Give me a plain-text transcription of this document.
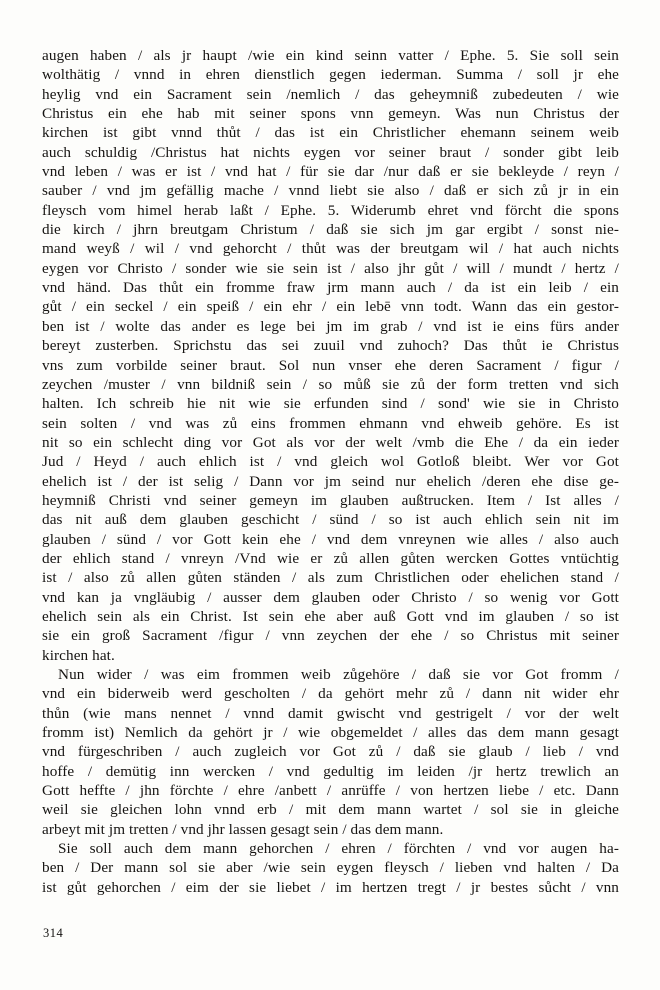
augen haben / als jr haupt /wie ein kind seinn vatter / Ephe. 5. Sie soll sein
wolthätig / vnnd in ehren dienstlich gegen iederman. Summa / soll jr ehe
heylig vnd ein Sacrament sein /nemlich / das geheymniß zubedeuten / wie
Christus ein ehe hab mit seiner spons vnn gemeyn. Was nun Christus der
kirchen ist gibt vnnd thůt / das ist ein Christlicher ehemann seinem weib
auch schuldig /Christus hat nichts eygen vor seiner braut / sonder gibt leib
vnd leben / was er ist / vnd hat / für sie dar /nur daß er sie bekleyde / reyn /
sauber / vnd jm gefällig mache / vnnd liebt sie also / daß er sich zů jr in ein
fleysch vom himel herab laßt / Ephe. 5. Widerumb ehret vnd förcht die spons
die kirch / jhrn breutgam Christum / daß sie sich jm gar ergibt / sonst nie-
mand weyß / wil / vnd gehorcht / thůt was der breutgam wil / hat auch nichts
eygen vor Christo / sonder wie sie sein ist / also jhr gůt / will / mundt / hertz /
vnd händ. Das thůt ein fromme fraw jrm mann auch / da ist ein leib / ein
gůt / ein seckel / ein speiß / ein ehr / ein lebē vnn todt. Wann das ein gestor-
ben ist / wolte das ander es lege bei jm im grab / vnd ist ie eins fürs ander
bereyt zusterben. Sprichstu das sei zuuil vnd zuhoch? Das thůt ie Christus
vns zum vorbilde seiner braut. Sol nun vnser ehe deren Sacrament / figur /
zeychen /muster / vnn bildniß sein / so můß sie zů der form tretten vnd sich
halten. Ich schreib hie nit wie sie erfunden sind / sond' wie sie in Christo
sein solten / vnd was zů eins frommen ehmann vnd ehweib gehöre. Es ist
nit so ein schlecht ding vor Got als vor der welt /vmb die Ehe / da ein ieder
Jud / Heyd / auch ehlich ist / vnd gleich wol Gotloß bleibt. Wer vor Got
ehelich ist / der ist selig / Dann vor jm seind nur ehelich /deren ehe dise ge-
heymniß Christi vnd seiner gemeyn im glauben außtrucken. Item / Ist alles /
das nit auß dem glauben geschicht / sünd / so ist auch ehlich sein nit im
glauben / sünd / vor Gott kein ehe / vnd dem vnreynen wie alles / also auch
der ehlich stand / vnreyn /Vnd wie er zů allen gůten wercken Gottes vntüchtig
ist / also zů allen gůten ständen / als zum Christlichen oder ehelichen stand /
vnd kan ja vngläubig / ausser dem glauben oder Christo / so wenig vor Gott
ehelich sein als ein Christ. Ist sein ehe aber auß Gott vnd im glauben / so ist
sie ein groß Sacrament /figur / vnn zeychen der ehe / so Christus mit seiner
kirchen hat.
Nun wider / was eim frommen weib zůgehöre / daß sie vor Got fromm /
vnd ein biderweib werd gescholten / da gehört mehr zů / dann nit wider ehr
thůn (wie mans nennet / vnnd damit gwischt vnd gestrigelt / vor der welt
fromm ist) Nemlich da gehört jr / wie obgemeldet / alles das dem mann gesagt
vnd fürgeschriben / auch zugleich vor Got zů / daß sie glaub / lieb / vnd
hoffe / demütig inn wercken / vnd gedultig im leiden /jr hertz trewlich an
Gott heffte / jhn förchte / ehre /anbett / anrüffe / von hertzen liebe / etc. Dann
weil sie gleichen lohn vnnd erb / mit dem mann wartet / sol sie in gleiche
arbeyt mit jm tretten / vnd jhr lassen gesagt sein / das dem mann.
Sie soll auch dem mann gehorchen / ehren / förchten / vnd vor augen ha-
ben / Der mann sol sie aber /wie sein eygen fleysch / lieben vnd halten / Da
ist gůt gehorchen / eim der sie liebet / im hertzen tregt / jr bestes sůcht / vnn
314
